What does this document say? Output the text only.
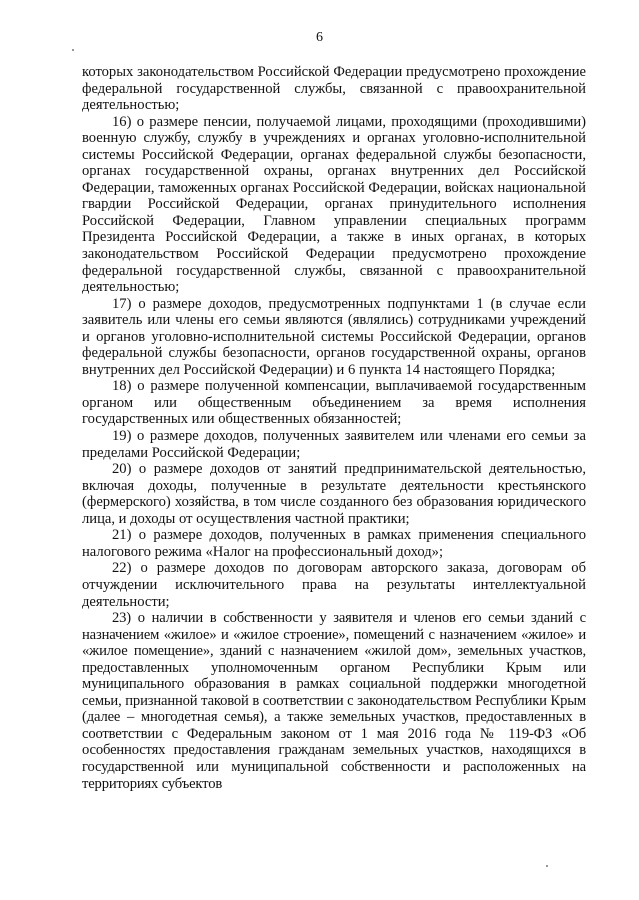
6

которых законодательством Российской Федерации предусмотрено прохождение федеральной государственной службы, связанной с правоохранительной деятельностью;

16) о размере пенсии, получаемой лицами, проходящими (проходившими) военную службу, службу в учреждениях и органах уголовно-исполнительной системы Российской Федерации, органах федеральной службы безопасности, органах государственной охраны, органах внутренних дел Российской Федерации, таможенных органах Российской Федерации, войсках национальной гвардии Российской Федерации, органах принудительного исполнения Российской Федерации, Главном управлении специальных программ Президента Российской Федерации, а также в иных органах, в которых законодательством Российской Федерации предусмотрено прохождение федеральной государственной службы, связанной с правоохранительной деятельностью;

17) о размере доходов, предусмотренных подпунктами 1 (в случае если заявитель или члены его семьи являются (являлись) сотрудниками учреждений и органов уголовно-исполнительной системы Российской Федерации, органов федеральной службы безопасности, органов государственной охраны, органов внутренних дел Российской Федерации) и 6 пункта 14 настоящего Порядка;

18) о размере полученной компенсации, выплачиваемой государственным органом или общественным объединением за время исполнения государственных или общественных обязанностей;

19) о размере доходов, полученных заявителем или членами его семьи за пределами Российской Федерации;

20) о размере доходов от занятий предпринимательской деятельностью, включая доходы, полученные в результате деятельности крестьянского (фермерского) хозяйства, в том числе созданного без образования юридического лица, и доходы от осуществления частной практики;

21) о размере доходов, полученных в рамках применения специального налогового режима «Налог на профессиональный доход»;

22) о размере доходов по договорам авторского заказа, договорам об отчуждении исключительного права на результаты интеллектуальной деятельности;

23) о наличии в собственности у заявителя и членов его семьи зданий с назначением «жилое» и «жилое строение», помещений с назначением «жилое» и «жилое помещение», зданий с назначением «жилой дом», земельных участков, предоставленных уполномоченным органом Республики Крым или муниципального образования в рамках социальной поддержки многодетной семьи, признанной таковой в соответствии с законодательством Республики Крым (далее – многодетная семья), а также земельных участков, предоставленных в соответствии с Федеральным законом от 1 мая 2016 года № 119-ФЗ «Об особенностях предоставления гражданам земельных участков, находящихся в государственной или муниципальной собственности и расположенных на территориях субъектов
